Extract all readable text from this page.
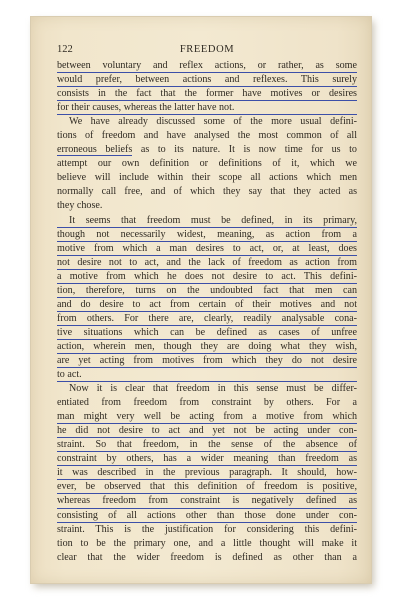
122	FREEDOM
between voluntary and reflex actions, or rather, as some
would prefer, between actions and reflexes. This surely
consists in the fact that the former have motives or desires
for their causes, whereas the latter have not.
We have already discussed some of the more usual defini-
tions of freedom and have analysed the most common of all
erroneous beliefs as to its nature. It is now time for us to
attempt our own definition or definitions of it, which we
believe will include within their scope all actions which men
normally call free, and of which they say that they acted as
they chose.
It seems that freedom must be defined, in its primary,
though not necessarily widest, meaning, as action from a
motive from which a man desires to act, or, at least, does
not desire not to act, and the lack of freedom as action from
a motive from which he does not desire to act. This defini-
tion, therefore, turns on the undoubted fact that men can
and do desire to act from certain of their motives and not
from others. For there are, clearly, readily analysable cona-
tive situations which can be defined as cases of unfree
action, wherein men, though they are doing what they wish,
are yet acting from motives from which they do not desire
to act.
Now it is clear that freedom in this sense must be differ-
entiated from freedom from constraint by others. For a
man might very well be acting from a motive from which
he did not desire to act and yet not be acting under con-
straint. So that freedom, in the sense of the absence of
constraint by others, has a wider meaning than freedom as
it was described in the previous paragraph. It should, how-
ever, be observed that this definition of freedom is positive,
whereas freedom from constraint is negatively defined as
consisting of all actions other than those done under con-
straint. This is the justification for considering this defini-
tion to be the primary one, and a little thought will make it
clear that the wider freedom is defined as other than a
